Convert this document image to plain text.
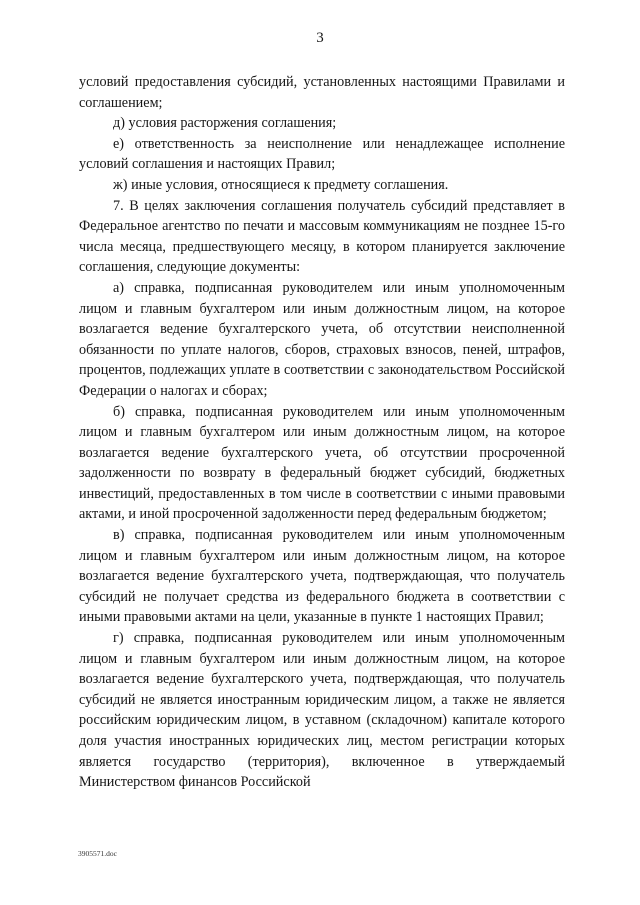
3

условий предоставления субсидий, установленных настоящими Правилами и соглашением;

д) условия расторжения соглашения;

е) ответственность за неисполнение или ненадлежащее исполнение условий соглашения и настоящих Правил;

ж) иные условия, относящиеся к предмету соглашения.

7. В целях заключения соглашения получатель субсидий представляет в Федеральное агентство по печати и массовым коммуникациям не позднее 15-го числа месяца, предшествующего месяцу, в котором планируется заключение соглашения, следующие документы:

а) справка, подписанная руководителем или иным уполномоченным лицом и главным бухгалтером или иным должностным лицом, на которое возлагается ведение бухгалтерского учета, об отсутствии неисполненной обязанности по уплате налогов, сборов, страховых взносов, пеней, штрафов, процентов, подлежащих уплате в соответствии с законодательством Российской Федерации о налогах и сборах;

б) справка, подписанная руководителем или иным уполномоченным лицом и главным бухгалтером или иным должностным лицом, на которое возлагается ведение бухгалтерского учета, об отсутствии просроченной задолженности по возврату в федеральный бюджет субсидий, бюджетных инвестиций, предоставленных в том числе в соответствии с иными правовыми актами, и иной просроченной задолженности перед федеральным бюджетом;

в) справка, подписанная руководителем или иным уполномоченным лицом и главным бухгалтером или иным должностным лицом, на которое возлагается ведение бухгалтерского учета, подтверждающая, что получатель субсидий не получает средства из федерального бюджета в соответствии с иными правовыми актами на цели, указанные в пункте 1 настоящих Правил;

г) справка, подписанная руководителем или иным уполномоченным лицом и главным бухгалтером или иным должностным лицом, на которое возлагается ведение бухгалтерского учета, подтверждающая, что получатель субсидий не является иностранным юридическим лицом, а также не является российским юридическим лицом, в уставном (складочном) капитале которого доля участия иностранных юридических лиц, местом регистрации которых является государство (территория), включенное в утверждаемый Министерством финансов Российской

3905571.doc
